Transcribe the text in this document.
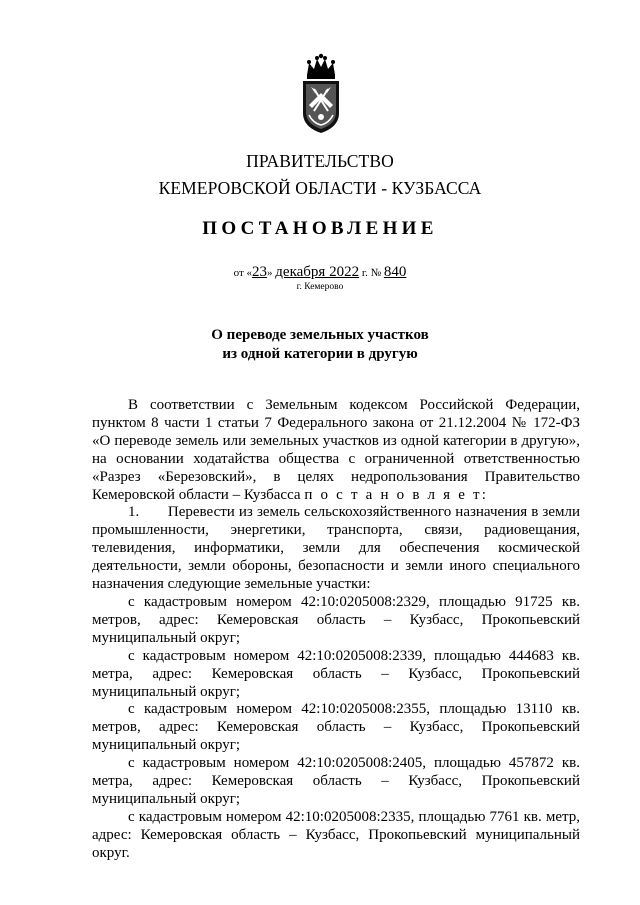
ПРАВИТЕЛЬСТВО
КЕМЕРОВСКОЙ ОБЛАСТИ - КУЗБАССА
ПОСТАНОВЛЕНИЕ
от «23» декабря 2022 г. № 840
г. Кемерово
О переводе земельных участков
из одной категории в другую

В соответствии с Земельным кодексом Российской Федерации, пунктом 8 части 1 статьи 7 Федерального закона от 21.12.2004 № 172-ФЗ «О переводе земель или земельных участков из одной категории в другую», на основании ходатайства общества с ограниченной ответственностью «Разрез «Березовский», в целях недропользования Правительство Кемеровской области – Кузбасса п о с т а н о в л я е т:

1. Перевести из земель сельскохозяйственного назначения в земли промышленности, энергетики, транспорта, связи, радиовещания, телевидения, информатики, земли для обеспечения космической деятельности, земли обороны, безопасности и земли иного специального назначения следующие земельные участки:

с кадастровым номером 42:10:0205008:2329, площадью 91725 кв. метров, адрес: Кемеровская область – Кузбасс, Прокопьевский муниципальный округ;

с кадастровым номером 42:10:0205008:2339, площадью 444683 кв. метра, адрес: Кемеровская область – Кузбасс, Прокопьевский муниципальный округ;

с кадастровым номером 42:10:0205008:2355, площадью 13110 кв. метров, адрес: Кемеровская область – Кузбасс, Прокопьевский муниципальный округ;

с кадастровым номером 42:10:0205008:2405, площадью 457872 кв. метра, адрес: Кемеровская область – Кузбасс, Прокопьевский муниципальный округ;

с кадастровым номером 42:10:0205008:2335, площадью 7761 кв. метр, адрес: Кемеровская область – Кузбасс, Прокопьевский муниципальный округ.
